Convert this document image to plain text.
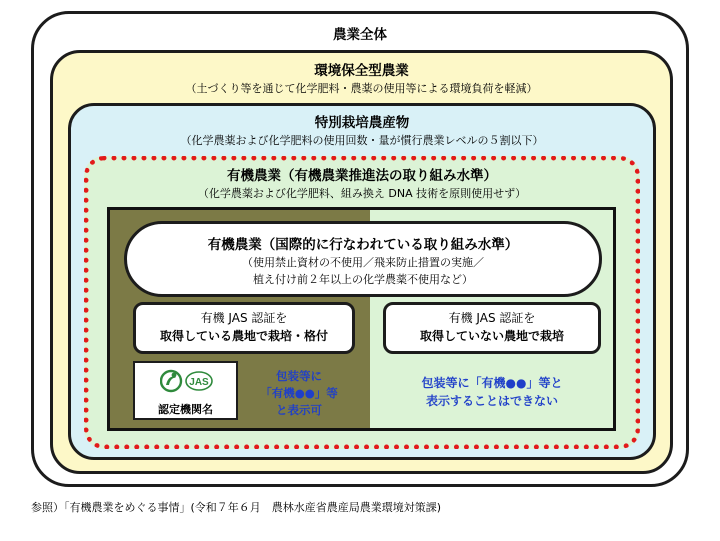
農業全体
環境保全型農業
（土づくり等を通じて化学肥料・農薬の使用等による環境負荷を軽減）
特別栽培農産物
（化学農薬および化学肥料の使用回数・量が慣行農業レベルの５割以下）
有機農業（有機農業推進法の取り組み水準）
（化学農薬および化学肥料、組み換え DNA 技術を原則使用せず）
有機農業（国際的に行なわれている取り組み水準）
（使用禁止資材の不使用／飛来防止措置の実施／
植え付け前２年以上の化学農薬不使用など）
有機 JAS 認証を
取得している農地で栽培・格付
有機 JAS 認証を
取得していない農地で栽培
JAS
認定機関名
包装等に
「有機●●」等
と表示可
包装等に「有機●●」等と
表示することはできない
参照）「有機農業をめぐる事情」(令和７年６月　農林水産省農産局農業環境対策課)
